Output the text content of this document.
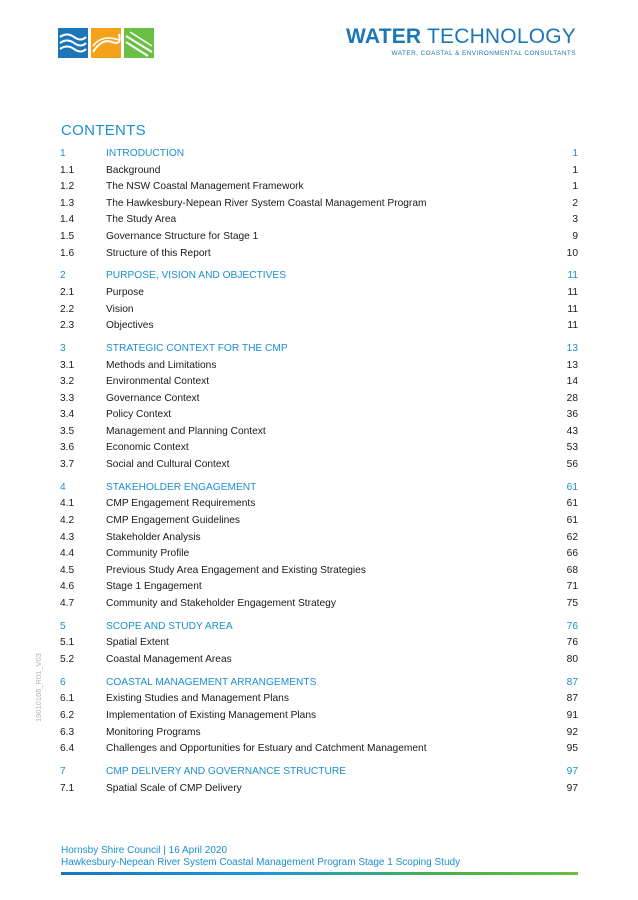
WATER TECHNOLOGY
WATER, COASTAL & ENVIRONMENTAL CONSULTANTS
CONTENTS
1	INTRODUCTION	1
1.1	Background	1
1.2	The NSW Coastal Management Framework	1
1.3	The Hawkesbury-Nepean River System Coastal Management Program	2
1.4	The Study Area	3
1.5	Governance Structure for Stage 1	9
1.6	Structure of this Report	10
2	PURPOSE, VISION AND OBJECTIVES	11
2.1	Purpose	11
2.2	Vision	11
2.3	Objectives	11
3	STRATEGIC CONTEXT FOR THE CMP	13
3.1	Methods and Limitations	13
3.2	Environmental Context	14
3.3	Governance Context	28
3.4	Policy Context	36
3.5	Management and Planning Context	43
3.6	Economic Context	53
3.7	Social and Cultural Context	56
4	STAKEHOLDER ENGAGEMENT	61
4.1	CMP Engagement Requirements	61
4.2	CMP Engagement Guidelines	61
4.3	Stakeholder Analysis	62
4.4	Community Profile	66
4.5	Previous Study Area Engagement and Existing Strategies	68
4.6	Stage 1 Engagement	71
4.7	Community and Stakeholder Engagement Strategy	75
5	SCOPE AND STUDY AREA	76
5.1	Spatial Extent	76
5.2	Coastal Management Areas	80
6	COASTAL MANAGEMENT ARRANGEMENTS	87
6.1	Existing Studies and Management Plans	87
6.2	Implementation of Existing Management Plans	91
6.3	Monitoring Programs	92
6.4	Challenges and Opportunities for Estuary and Catchment Management	95
7	CMP DELIVERY AND GOVERNANCE STRUCTURE	97
7.1	Spatial Scale of CMP Delivery	97
19010166_R01_V03
Hornsby Shire Council | 16 April 2020
Hawkesbury-Nepean River System Coastal Management Program Stage 1 Scoping Study
